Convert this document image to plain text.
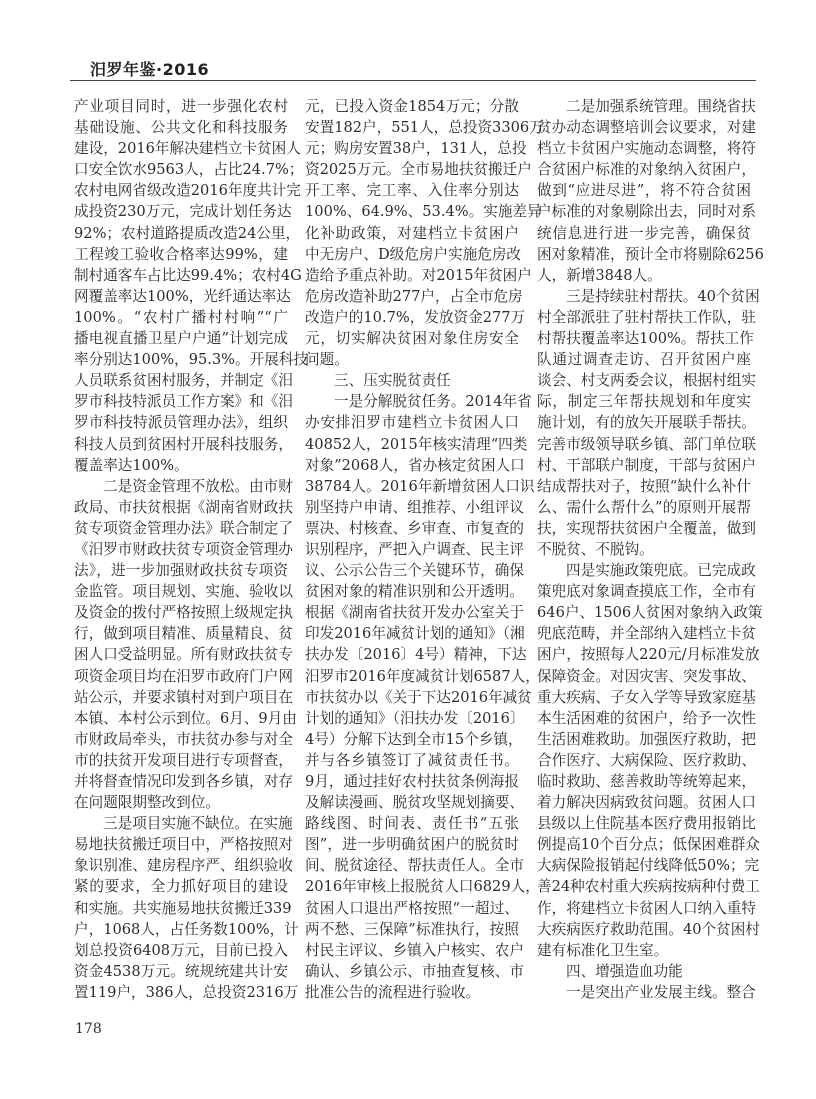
汨罗年鉴·2016
产业项目同时，进一步强化农村
基础设施、公共文化和科技服务
建设，2016年解决建档立卡贫困人
口安全饮水9563人，占比24.7%；
农村电网省级改造2016年度共计完
成投资230万元，完成计划任务达
92%；农村道路提质改造24公里，
工程竣工验收合格率达99%，建
制村通客车占比达99.4%；农村4G
网覆盖率达100%，光纤通达率达
100%。“农村广播村村响”“广
播电视直播卫星户户通”计划完成
率分别达100%，95.3%。开展科技
人员联系贫困村服务，并制定《汨
罗市科技特派员工作方案》和《汨
罗市科技特派员管理办法》，组织
科技人员到贫困村开展科技服务，
覆盖率达100%。
二是资金管理不放松。由市财
政局、市扶贫根据《湖南省财政扶
贫专项资金管理办法》联合制定了
《汨罗市财政扶贫专项资金管理办
法》，进一步加强财政扶贫专项资
金监管。项目规划、实施、验收以
及资金的拨付严格按照上级规定执
行，做到项目精准、质量精良、贫
困人口受益明显。所有财政扶贫专
项资金项目均在汨罗市政府门户网
站公示，并要求镇村对到户项目在
本镇、本村公示到位。6月、9月由
市财政局牵头，市扶贫办参与对全
市的扶贫开发项目进行专项督查，
并将督查情况印发到各乡镇，对存
在问题限期整改到位。
三是项目实施不缺位。在实施
易地扶贫搬迁项目中，严格按照对
象识别准、建房程序严、组织验收
紧的要求，全力抓好项目的建设
和实施。共实施易地扶贫搬迁339
户，1068人，占任务数100%，计
划总投资6408万元，目前已投入
资金4538万元。统规统建共计安
置119户，386人，总投资2316万
元，已投入资金1854万元；分散
安置182户，551人，总投资3306万
元；购房安置38户，131人，总投
资2025万元。全市易地扶贫搬迁户
开工率、完工率、入住率分别达
100%、64.9%、53.4%。实施差异
化补助政策，对建档立卡贫困户
中无房户、D级危房户实施危房改
造给予重点补助。对2015年贫困户
危房改造补助277户，占全市危房
改造户的10.7%，发放资金277万
元，切实解决贫困对象住房安全
问题。
三、压实脱贫责任
一是分解脱贫任务。2014年省
办安排汨罗市建档立卡贫困人口
40852人，2015年核实清理“四类
对象”2068人，省办核定贫困人口
38784人。2016年新增贫困人口识
别坚持户申请、组推荐、小组评议
票决、村核查、乡审查、市复查的
识别程序，严把入户调查、民主评
议、公示公告三个关键环节，确保
贫困对象的精准识别和公开透明。
根据《湖南省扶贫开发办公室关于
印发2016年减贫计划的通知》（湘
扶办发〔2016〕4号）精神，下达
汨罗市2016年度减贫计划6587人，
市扶贫办以《关于下达2016年减贫
计划的通知》（汨扶办发〔2016〕
4号）分解下达到全市15个乡镇，
并与各乡镇签订了减贫责任书。
9月，通过挂好农村扶贫条例海报
及解读漫画、脱贫攻坚规划摘要、
路线图、时间表、责任书“五张
图”，进一步明确贫困户的脱贫时
间、脱贫途径、帮扶责任人。全市
2016年审核上报脱贫人口6829人，
贫困人口退出严格按照“一超过、
两不愁、三保障”标准执行，按照
村民主评议、乡镇入户核实、农户
确认、乡镇公示、市抽查复核、市
批准公告的流程进行验收。
二是加强系统管理。围绕省扶
贫办动态调整培训会议要求，对建
档立卡贫困户实施动态调整，将符
合贫困户标准的对象纳入贫困户，
做到“应进尽进”，将不符合贫困
户标准的对象剔除出去，同时对系
统信息进行进一步完善，确保贫
困对象精准，预计全市将剔除6256
人，新增3848人。
三是持续驻村帮扶。40个贫困
村全部派驻了驻村帮扶工作队，驻
村帮扶覆盖率达100%。帮扶工作
队通过调查走访、召开贫困户座
谈会、村支两委会议，根据村组实
际，制定三年帮扶规划和年度实
施计划，有的放矢开展联手帮扶。
完善市级领导联乡镇、部门单位联
村、干部联户制度，干部与贫困户
结成帮扶对子，按照“缺什么补什
么、需什么帮什么”的原则开展帮
扶，实现帮扶贫困户全覆盖，做到
不脱贫、不脱钩。
四是实施政策兜底。已完成政
策兜底对象调查摸底工作，全市有
646户、1506人贫困对象纳入政策
兜底范畴，并全部纳入建档立卡贫
困户，按照每人220元/月标准发放
保障资金。对因灾害、突发事故、
重大疾病、子女入学等导致家庭基
本生活困难的贫困户，给予一次性
生活困难救助。加强医疗救助，把
合作医疗、大病保险、医疗救助、
临时救助、慈善救助等统筹起来，
着力解决因病致贫问题。贫困人口
县级以上住院基本医疗费用报销比
例提高10个百分点；低保困难群众
大病保险报销起付线降低50%；完
善24种农村重大疾病按病种付费工
作，将建档立卡贫困人口纳入重特
大疾病医疗救助范围。40个贫困村
建有标准化卫生室。
四、增强造血功能
一是突出产业发展主线。整合
178
